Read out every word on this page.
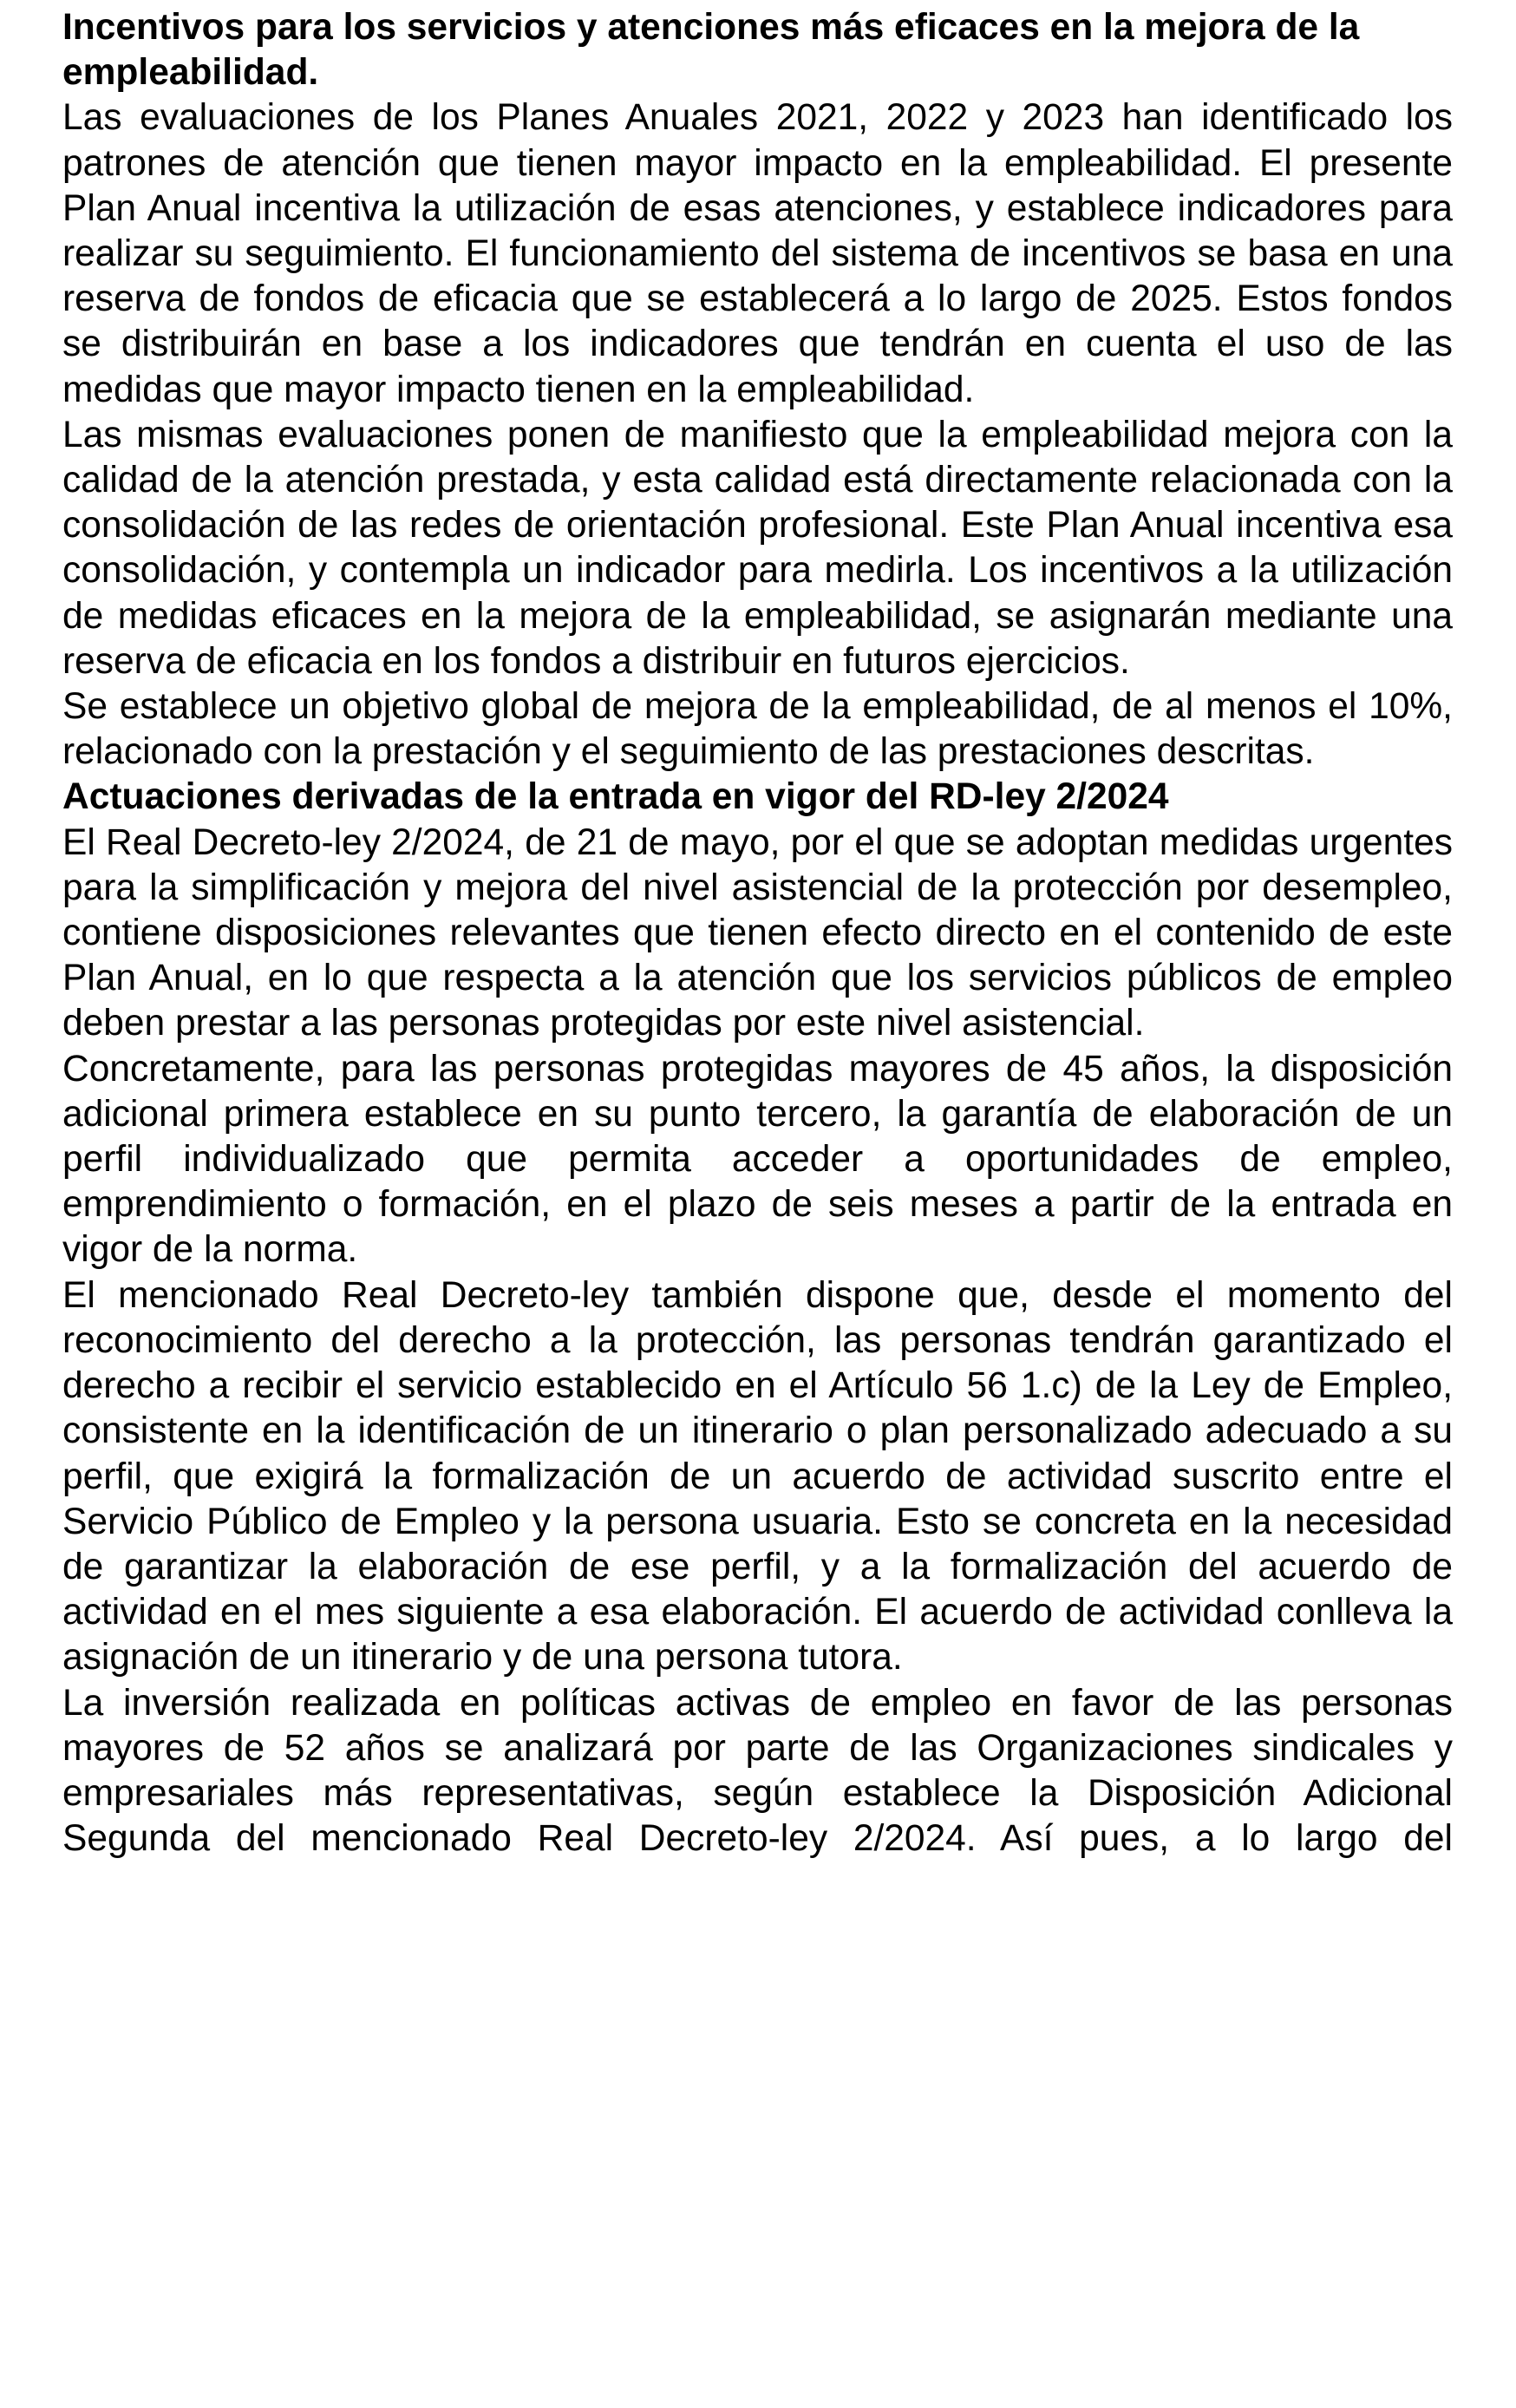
Incentivos para los servicios y atenciones más eficaces en la mejora de la empleabilidad.

Las evaluaciones de los Planes Anuales 2021, 2022 y 2023 han identificado los patrones de atención que tienen mayor impacto en la empleabilidad. El presente Plan Anual incentiva la utilización de esas atenciones, y establece indicadores para realizar su seguimiento. El funcionamiento del sistema de incentivos se basa en una reserva de fondos de eficacia que se establecerá a lo largo de 2025. Estos fondos se distribuirán en base a los indicadores que tendrán en cuenta el uso de las medidas que mayor impacto tienen en la empleabilidad.

Las mismas evaluaciones ponen de manifiesto que la empleabilidad mejora con la calidad de la atención prestada, y esta calidad está directamente relacionada con la consolidación de las redes de orientación profesional. Este Plan Anual incentiva esa consolidación, y contempla un indicador para medirla. Los incentivos a la utilización de medidas eficaces en la mejora de la empleabilidad, se asignarán mediante una reserva de eficacia en los fondos a distribuir en futuros ejercicios.

Se establece un objetivo global de mejora de la empleabilidad, de al menos el 10%, relacionado con la prestación y el seguimiento de las prestaciones descritas.

Actuaciones derivadas de la entrada en vigor del RD-ley 2/2024

El Real Decreto-ley 2/2024, de 21 de mayo, por el que se adoptan medidas urgentes para la simplificación y mejora del nivel asistencial de la protección por desempleo, contiene disposiciones relevantes que tienen efecto directo en el contenido de este Plan Anual, en lo que respecta a la atención que los servicios públicos de empleo deben prestar a las personas protegidas por este nivel asistencial.

Concretamente, para las personas protegidas mayores de 45 años, la disposición adicional primera establece en su punto tercero, la garantía de elaboración de un perfil individualizado que permita acceder a oportunidades de empleo, emprendimiento o formación, en el plazo de seis meses a partir de la entrada en vigor de la norma.

El mencionado Real Decreto-ley también dispone que, desde el momento del reconocimiento del derecho a la protección, las personas tendrán garantizado el derecho a recibir el servicio establecido en el Artículo 56 1.c) de la Ley de Empleo, consistente en la identificación de un itinerario o plan personalizado adecuado a su perfil, que exigirá la formalización de un acuerdo de actividad suscrito entre el Servicio Público de Empleo y la persona usuaria. Esto se concreta en la necesidad de garantizar la elaboración de ese perfil, y a la formalización del acuerdo de actividad en el mes siguiente a esa elaboración. El acuerdo de actividad conlleva la asignación de un itinerario y de una persona tutora.

La inversión realizada en políticas activas de empleo en favor de las personas mayores de 52 años se analizará por parte de las Organizaciones sindicales y empresariales más representativas, según establece la Disposición Adicional Segunda del mencionado Real Decreto-ley 2/2024. Así pues, a lo largo del
